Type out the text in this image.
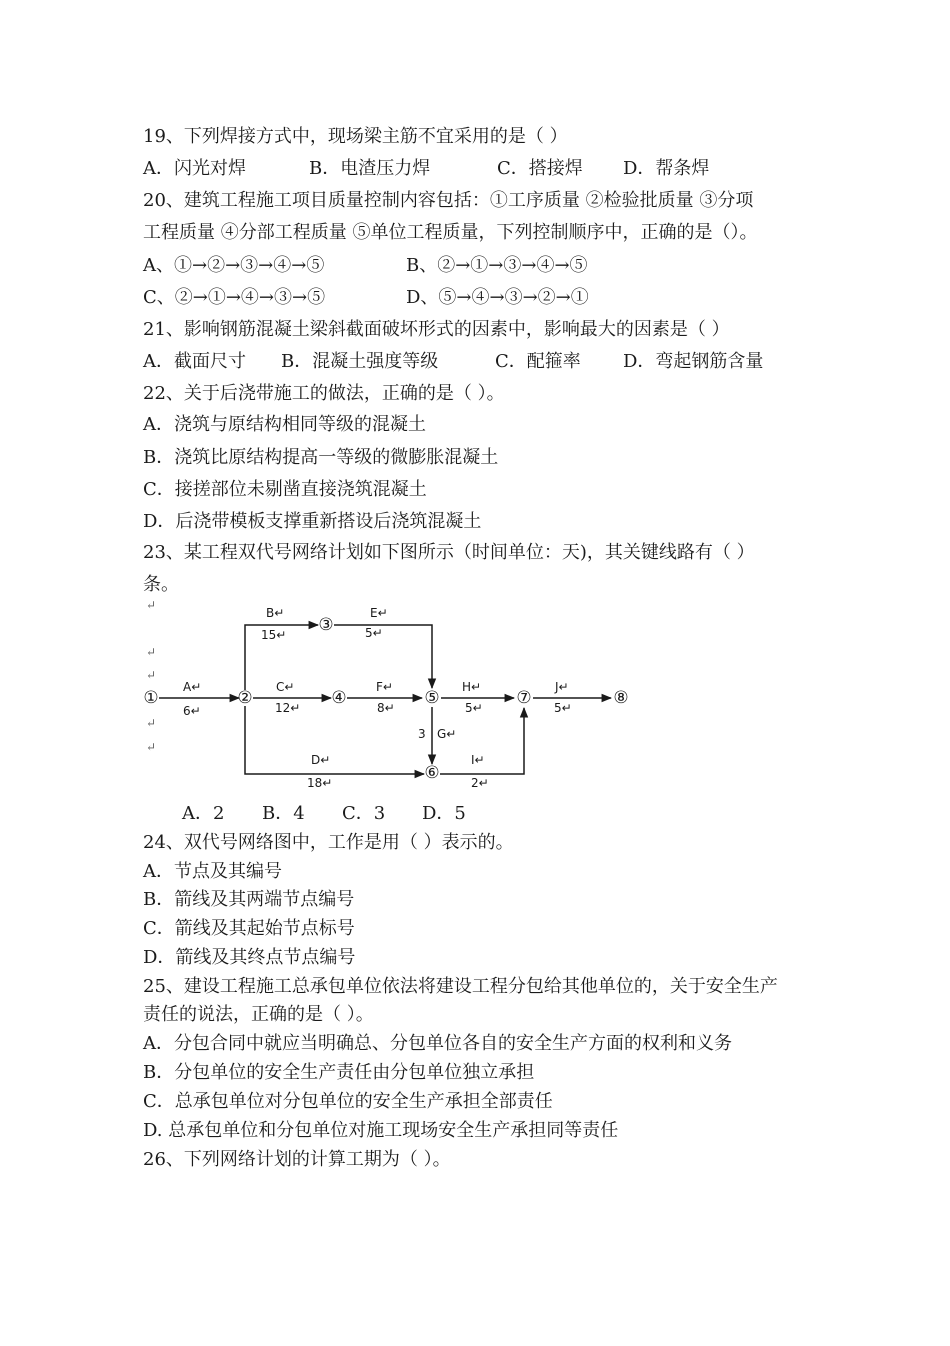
19、下列焊接方式中，现场梁主筋不宜采用的是（ ）
A．闪光对焊	B．电渣压力焊	C．搭接焊	D．帮条焊
20、建筑工程施工项目质量控制内容包括：①工序质量 ②检验批质量 ③分项
工程质量 ④分部工程质量 ⑤单位工程质量，下列控制顺序中，正确的是（）。
A、①→②→③→④→⑤	B、②→①→③→④→⑤
C、②→①→④→③→⑤	D、⑤→④→③→②→①
21、影响钢筋混凝土梁斜截面破坏形式的因素中，影响最大的因素是（ ）
A．截面尺寸	B．混凝土强度等级	C．配箍率	D．弯起钢筋含量
22、关于后浇带施工的做法，正确的是（ ）。
A．浇筑与原结构相同等级的混凝土
B．浇筑比原结构提高一等级的微膨胀混凝土
C．接搓部位未剔凿直接浇筑混凝土
D．后浇带模板支撑重新搭设后浇筑混凝土
23、某工程双代号网络计划如下图所示（时间单位：天)，其关键线路有（ ）
条。
↵
↵
↵
↵
↵
①	②
③
④	⑤
⑥
⑦	⑧
A↵
6↵
B↵
15↵
C↵
12↵
D↵
18↵
E↵
5↵
F↵
8↵
3 G↵
H↵
5↵
I↵
2↵
J↵
5↵
A．2	B．4	C．3	D．5
24、双代号网络图中，工作是用（ ）表示的。
A．节点及其编号
B．箭线及其两端节点编号
C．箭线及其起始节点标号
D．箭线及其终点节点编号
25、建设工程施工总承包单位依法将建设工程分包给其他单位的，关于安全生产
责任的说法，正确的是（ ）。
A．分包合同中就应当明确总、分包单位各自的安全生产方面的权利和义务
B．分包单位的安全生产责任由分包单位独立承担
C．总承包单位对分包单位的安全生产承担全部责任
D. 总承包单位和分包单位对施工现场安全生产承担同等责任
26、下列网络计划的计算工期为（ ）。
